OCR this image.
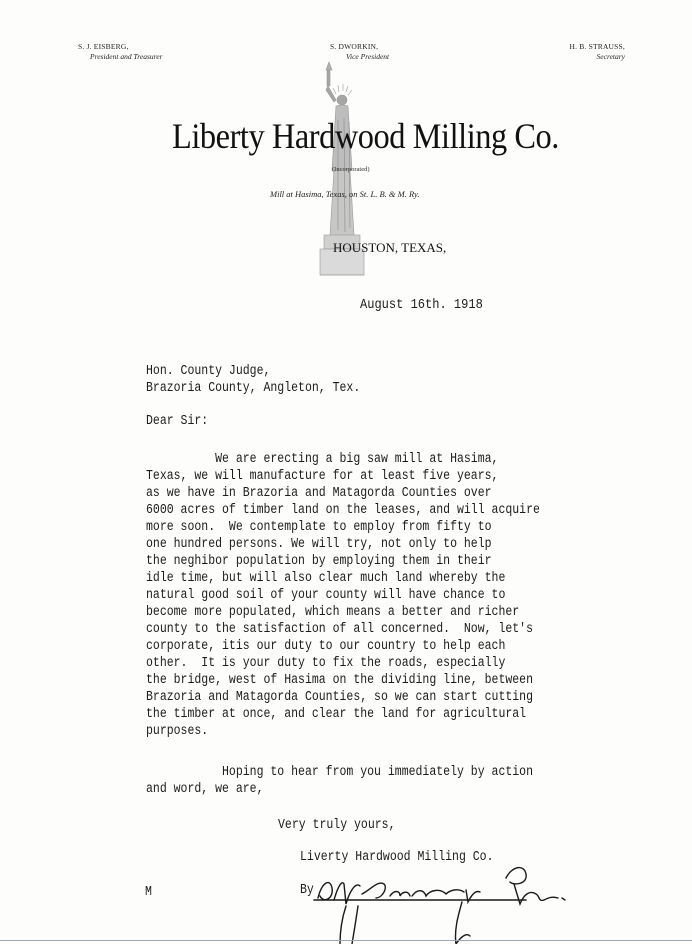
S. J. EISBERG,
President and Treasurer
S. DWORKIN,
Vice President
H. B. STRAUSS,
Secretary
Liberty Hardwood Milling Co.
(Incorporated)
Mill at Hasima, Texas, on St. L. B. & M. Ry.
HOUSTON, TEXAS,
August 16th. 1918
Hon. County Judge,
Brazoria County, Angleton, Tex.
Dear Sir:
We are erecting a big saw mill at Hasima,
Texas, we will manufacture for at least five years,
as we have in Brazoria and Matagorda Counties over
6000 acres of timber land on the leases, and will acquire
more soon.  We contemplate to employ from fifty to
one hundred persons. We will try, not only to help
the neghibor population by employing them in their
idle time, but will also clear much land whereby the
natural good soil of your county will have chance to
become more populated, which means a better and richer
county to the satisfaction of all concerned.  Now, let's
corporate, itis our duty to our country to help each
other.  It is your duty to fix the roads, especially
the bridge, west of Hasima on the dividing line, between
Brazoria and Matagorda Counties, so we can start cutting
the timber at once, and clear the land for agricultural
purposes.
Hoping to hear from you immediately by action
and word, we are,
Very truly yours,
Liverty Hardwood Milling Co.
By
M
